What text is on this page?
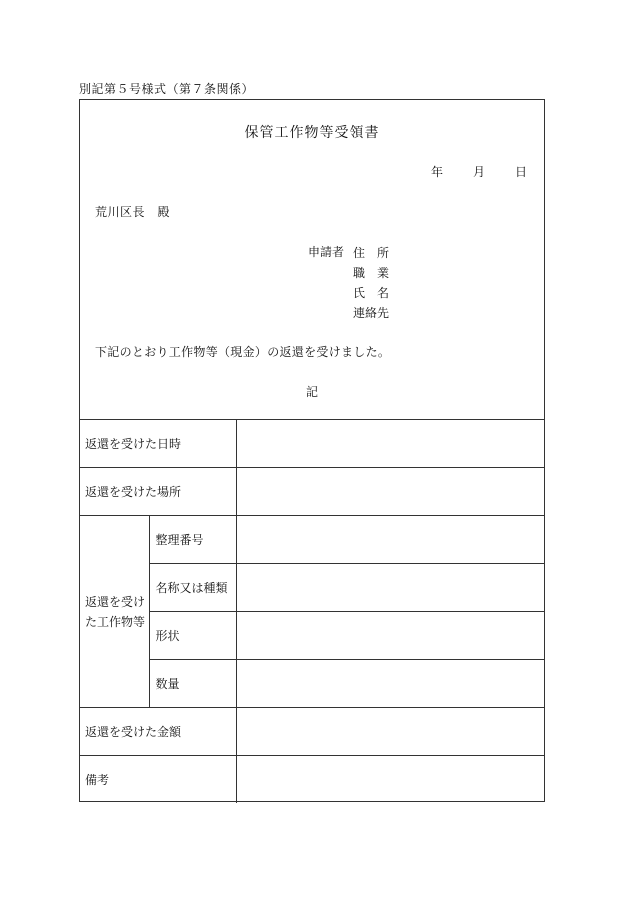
別記第５号様式（第７条関係）
保管工作物等受領書
年	月	日
荒川区長　殿
申請者 住　所
職　業
氏　名
連絡先
下記のとおり工作物等（現金）の返還を受けました。
記
返還を受けた日時		
返還を受けた場所		
返還を受け
た工作物等	整理番号	
	名称又は種類	
	形状	
	数量	
返還を受けた金額		
備考		
